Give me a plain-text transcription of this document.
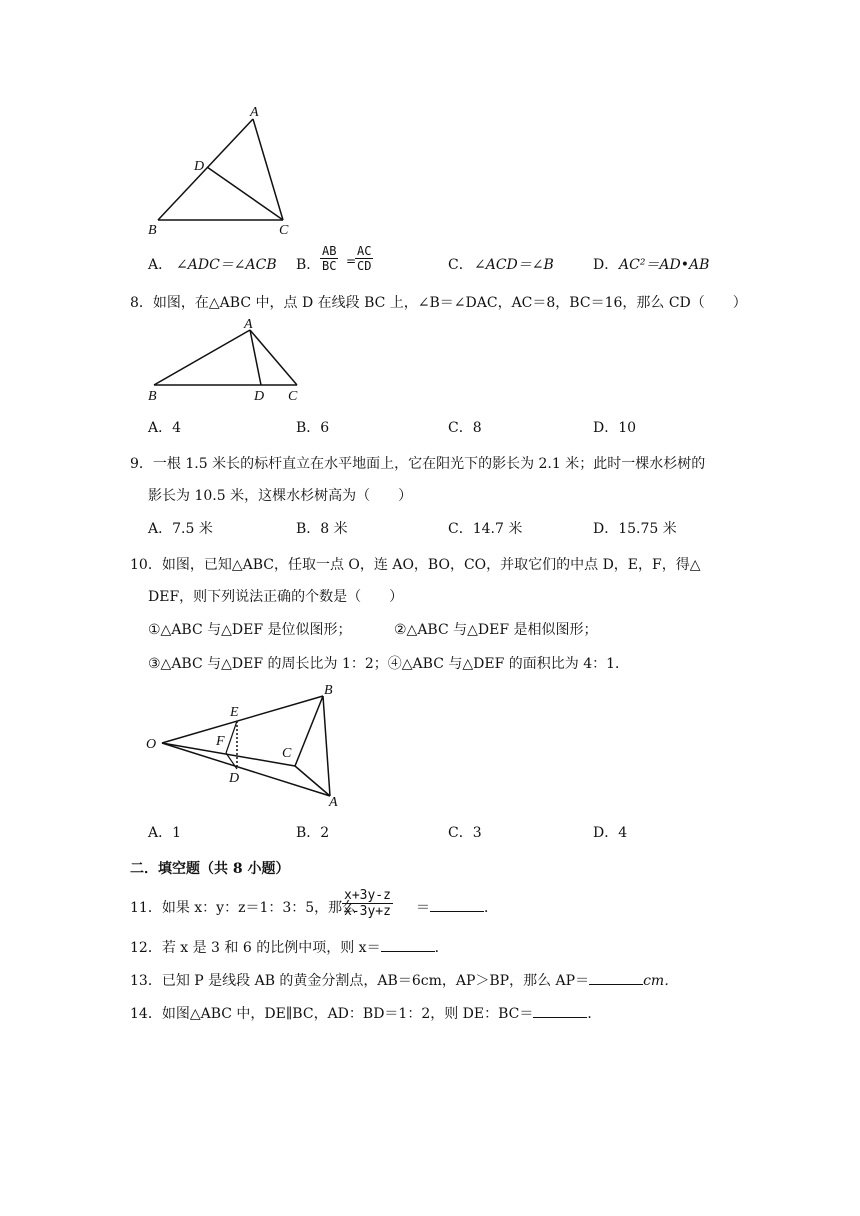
A
D
B	C
A． ∠ADC＝∠ACB B． $\frac{AB}{BC}$ =
$\frac{AC}{CD}$	C． ∠ACD＝∠B	D． AC²＝AD•AB
8．如图，在△ABC 中，点 D 在线段 BC 上，∠B＝∠DAC，AC＝8，BC＝16，那么 CD（　　）
A
B	D C
A．4	B．6	C．8	D．10
9．一根 1.5 米长的标杆直立在水平地面上，它在阳光下的影长为 2.1 米；此时一棵水杉树的
影长为 10.5 米，这棵水杉树高为（　　）
A．7.5 米	B．8 米	C．14.7 米	D．15.75 米
10．如图，已知△ABC，任取一点 O，连 AO，BO，CO，并取它们的中点 D，E，F，得△
DEF，则下列说法正确的个数是（　　）
①△ABC 与△DEF 是位似图形；	②△ABC 与△DEF 是相似图形；
③△ABC 与△DEF 的周长比为 1：2；④△ABC 与△DEF 的面积比为 4：1．
O
E
F
D
C
B
A
A．1	B．2	C．3	D．4
二．填空题（共 8 小题）
11．如果 x：y：z＝1：3：5，那么
$\frac{x+3y-z}{x-3y+z}$ ＝	．
12．若 x 是 3 和 6 的比例中项，则 x＝	．
13．已知 P 是线段 AB 的黄金分割点，AB＝6cm，AP＞BP，那么 AP＝	cm．
14．如图△ABC 中，DE∥BC，AD：BD＝1：2，则 DE：BC＝	．
